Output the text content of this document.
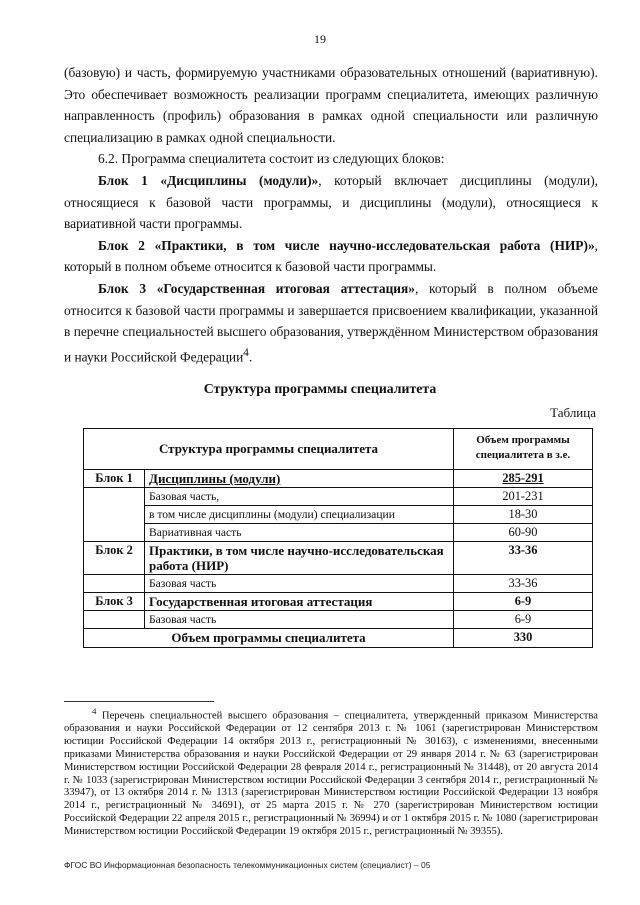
19

(базовую) и часть, формируемую участниками образовательных отношений (вариативную). Это обеспечивает возможность реализации программ специалитета, имеющих различную направленность (профиль) образования в рамках одной специальности или различную специализацию в рамках одной специальности.

6.2. Программа специалитета состоит из следующих блоков:

Блок 1 «Дисциплины (модули)», который включает дисциплины (модули), относящиеся к базовой части программы, и дисциплины (модули), относящиеся к вариативной части программы.

Блок 2 «Практики, в том числе научно-исследовательская работа (НИР)», который в полном объеме относится к базовой части программы.

Блок 3 «Государственная итоговая аттестация», который в полном объеме относится к базовой части программы и завершается присвоением квалификации, указанной в перечне специальностей высшего образования, утверждённом Министерством образования и науки Российской Федерации$^4$.

Структура программы специалитета
Таблица
Структура программы специалитета		Объем программы специалитета в з.е.
Блок 1	Дисциплины (модули)	285-291
	Базовая часть,	201-231
	в том числе дисциплины (модули) специализации	18-30
	Вариативная часть	60-90
Блок 2	Практики, в том числе научно-исследовательская работа (НИР)	33-36
	Базовая часть	33-36
Блок 3	Государственная итоговая аттестация	6-9
	Базовая часть	6-9
Объем программы специалитета		330

$^4$ Перечень специальностей высшего образования – специалитета, утвержденный приказом Министерства образования и науки Российской Федерации от 12 сентября 2013 г. № 1061 (зарегистрирован Министерством юстиции Российской Федерации 14 октября 2013 г., регистрационный № 30163), с изменениями, внесенными приказами Министерства образования и науки Российской Федерации от 29 января 2014 г. № 63 (зарегистрирован Министерством юстиции Российской Федерации 28 февраля 2014 г., регистрационный № 31448), от 20 августа 2014 г. № 1033 (зарегистрирован Министерством юстиции Российской Федерации 3 сентября 2014 г., регистрационный № 33947), от 13 октября 2014 г. № 1313 (зарегистрирован Министерством юстиции Российской Федерации 13 ноября 2014 г., регистрационный № 34691), от 25 марта 2015 г. № 270 (зарегистрирован Министерством юстиции Российской Федерации 22 апреля 2015 г., регистрационный № 36994) и от 1 октября 2015 г. № 1080 (зарегистрирован Министерством юстиции Российской Федерации 19 октября 2015 г., регистрационный № 39355).

ФГОС ВО Информационная безопасность телекоммуникационных систем (специалист) – 05
